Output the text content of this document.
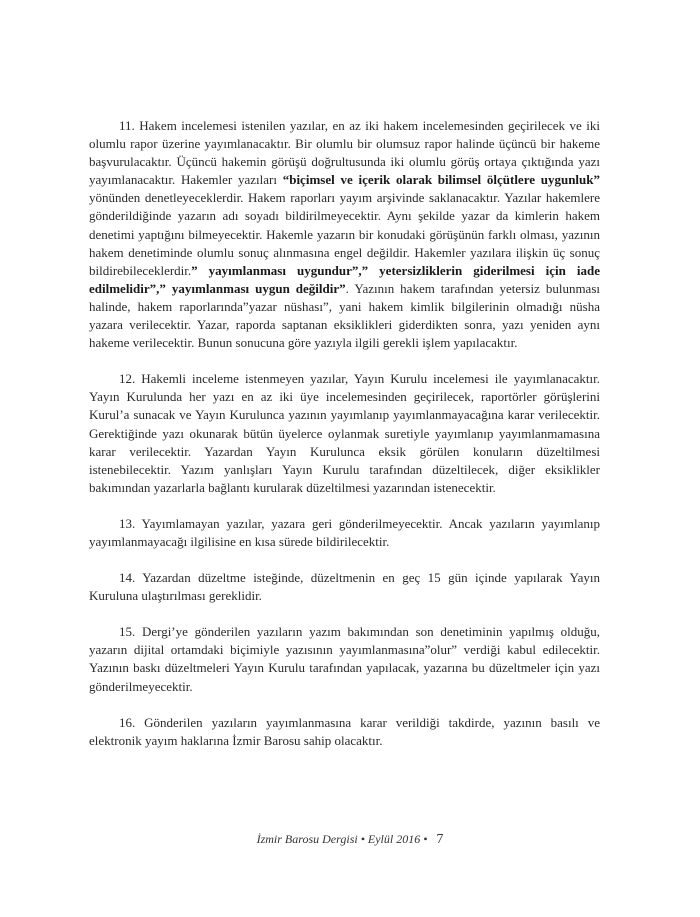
11. Hakem incelemesi istenilen yazılar, en az iki hakem incelemesinden geçirilecek ve iki olumlu rapor üzerine yayımlanacaktır. Bir olumlu bir olumsuz rapor halinde üçüncü bir hakeme başvurulacaktır. Üçüncü hakemin görüşü doğrultusunda iki olumlu görüş ortaya çıktığında yazı yayımlanacaktır. Hakemler yazıları “biçimsel ve içerik olarak bilimsel ölçütlere uygunluk” yönünden denetleyeceklerdir. Hakem raporları yayım arşivinde saklanacaktır. Yazılar hakemlere gönderildiğinde yazarın adı soyadı bildirilmeyecektir. Aynı şekilde yazar da kimlerin hakem denetimi yaptığını bilmeyecektir. Hakemle yazarın bir konudaki görüşünün farklı olması, yazının hakem denetiminde olumlu sonuç alınmasına engel değildir. Hakemler yazılara ilişkin üç sonuç bildirebileceklerdir.” yayımlanması uygundur”,” yetersizliklerin giderilmesi için iade edilmelidir”,” yayımlanması uygun değildir”. Yazının hakem tarafından yetersiz bulunması halinde, hakem raporlarında”yazar nüshası”, yani hakem kimlik bilgilerinin olmadığı nüsha yazara verilecektir. Yazar, raporda saptanan eksiklikleri giderdikten sonra, yazı yeniden aynı hakeme verilecektir. Bunun sonucuna göre yazıyla ilgili gerekli işlem yapılacaktır.

12. Hakemli inceleme istenmeyen yazılar, Yayın Kurulu incelemesi ile yayımlanacaktır. Yayın Kurulunda her yazı en az iki üye incelemesinden geçirilecek, raportörler görüşlerini Kurul’a sunacak ve Yayın Kurulunca yazının yayımlanıp yayımlanmayacağına karar verilecektir. Gerektiğinde yazı okunarak bütün üyelerce oylanmak suretiyle yayımlanıp yayımlanmamasına karar verilecektir. Yazardan Yayın Kurulunca eksik görülen konuların düzeltilmesi istenebilecektir. Yazım yanlışları Yayın Kurulu tarafından düzeltilecek, diğer eksiklikler bakımından yazarlarla bağlantı kurularak düzeltilmesi yazarından istenecektir.

13. Yayımlamayan yazılar, yazara geri gönderilmeyecektir. Ancak yazıların yayımlanıp yayımlanmayacağı ilgilisine en kısa sürede bildirilecektir.

14. Yazardan düzeltme isteğinde, düzeltmenin en geç 15 gün içinde yapılarak Yayın Kuruluna ulaştırılması gereklidir.

15. Dergi’ye gönderilen yazıların yazım bakımından son denetiminin yapılmış olduğu, yazarın dijital ortamdaki biçimiyle yazısının yayımlanmasına”olur” verdiği kabul edilecektir. Yazının baskı düzeltmeleri Yayın Kurulu tarafından yapılacak, yazarına bu düzeltmeler için yazı gönderilmeyecektir.

16. Gönderilen yazıların yayımlanmasına karar verildiği takdirde, yazının basılı ve elektronik yayım haklarına İzmir Barosu sahip olacaktır.

İzmir Barosu Dergisi • Eylül 2016 • 7
